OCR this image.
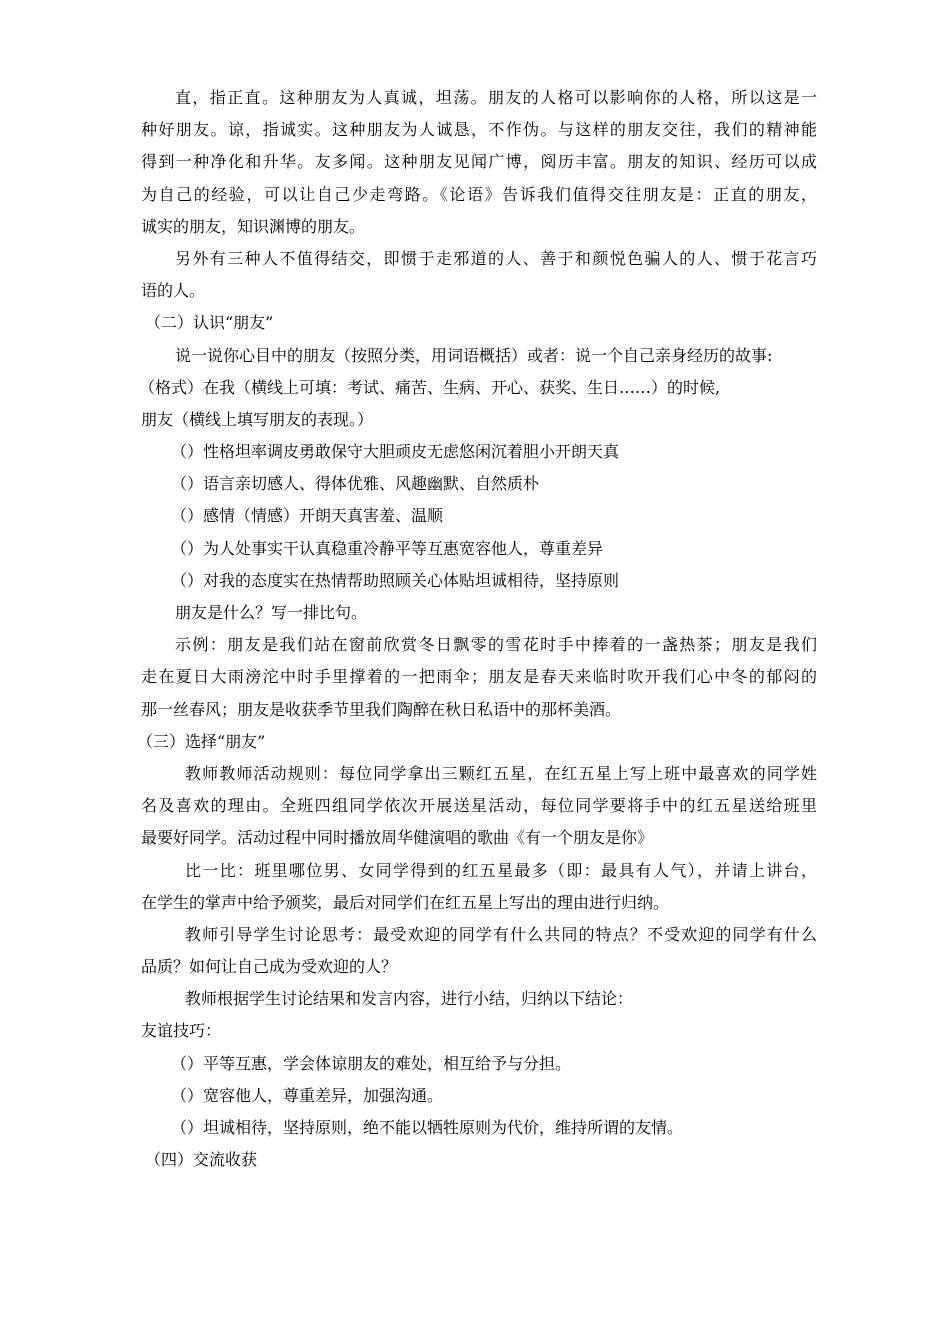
直，指正直。这种朋友为人真诚，坦荡。朋友的人格可以影响你的人格，所以这是一
种好朋友。谅，指诚实。这种朋友为人诚恳，不作伪。与这样的朋友交往，我们的精神能
得到一种净化和升华。友多闻。这种朋友见闻广博，阅历丰富。朋友的知识、经历可以成
为自己的经验，可以让自己少走弯路。《论语》告诉我们值得交往朋友是：正直的朋友，
诚实的朋友，知识渊博的朋友。
另外有三种人不值得结交，即惯于走邪道的人、善于和颜悦色骗人的人、惯于花言巧
语的人。
（二）认识“朋友”
说一说你心目中的朋友（按照分类，用词语概括）或者：说一个自己亲身经历的故事:
（格式）在我（横线上可填：考试、痛苦、生病、开心、获奖、生日……）的时候,
朋友（横线上填写朋友的表现。）
（）性格坦率调皮勇敢保守大胆顽皮无虑悠闲沉着胆小开朗天真
（）语言亲切感人、得体优雅、风趣幽默、自然质朴
（）感情（情感）开朗天真害羞、温顺
（）为人处事实干认真稳重冷静平等互惠宽容他人，尊重差异
（）对我的态度实在热情帮助照顾关心体贴坦诚相待，坚持原则
朋友是什么？写一排比句。
示例：朋友是我们站在窗前欣赏冬日飘零的雪花时手中捧着的一盏热茶；朋友是我们
走在夏日大雨滂沱中时手里撑着的一把雨伞；朋友是春天来临时吹开我们心中冬的郁闷的
那一丝春风；朋友是收获季节里我们陶醉在秋日私语中的那杯美酒。
（三）选择“朋友”
教师教师活动规则：每位同学拿出三颗红五星，在红五星上写上班中最喜欢的同学姓
名及喜欢的理由。全班四组同学依次开展送星活动，每位同学要将手中的红五星送给班里
最要好同学。活动过程中同时播放周华健演唱的歌曲《有一个朋友是你》
比一比：班里哪位男、女同学得到的红五星最多（即：最具有人气），并请上讲台，
在学生的掌声中给予颁奖，最后对同学们在红五星上写出的理由进行归纳。
教师引导学生讨论思考：最受欢迎的同学有什么共同的特点？不受欢迎的同学有什么
品质？如何让自己成为受欢迎的人？
教师根据学生讨论结果和发言内容，进行小结，归纳以下结论：
友谊技巧：
（）平等互惠，学会体谅朋友的难处，相互给予与分担。
（）宽容他人，尊重差异，加强沟通。
（）坦诚相待，坚持原则，绝不能以牺牲原则为代价，维持所谓的友情。
（四）交流收获
